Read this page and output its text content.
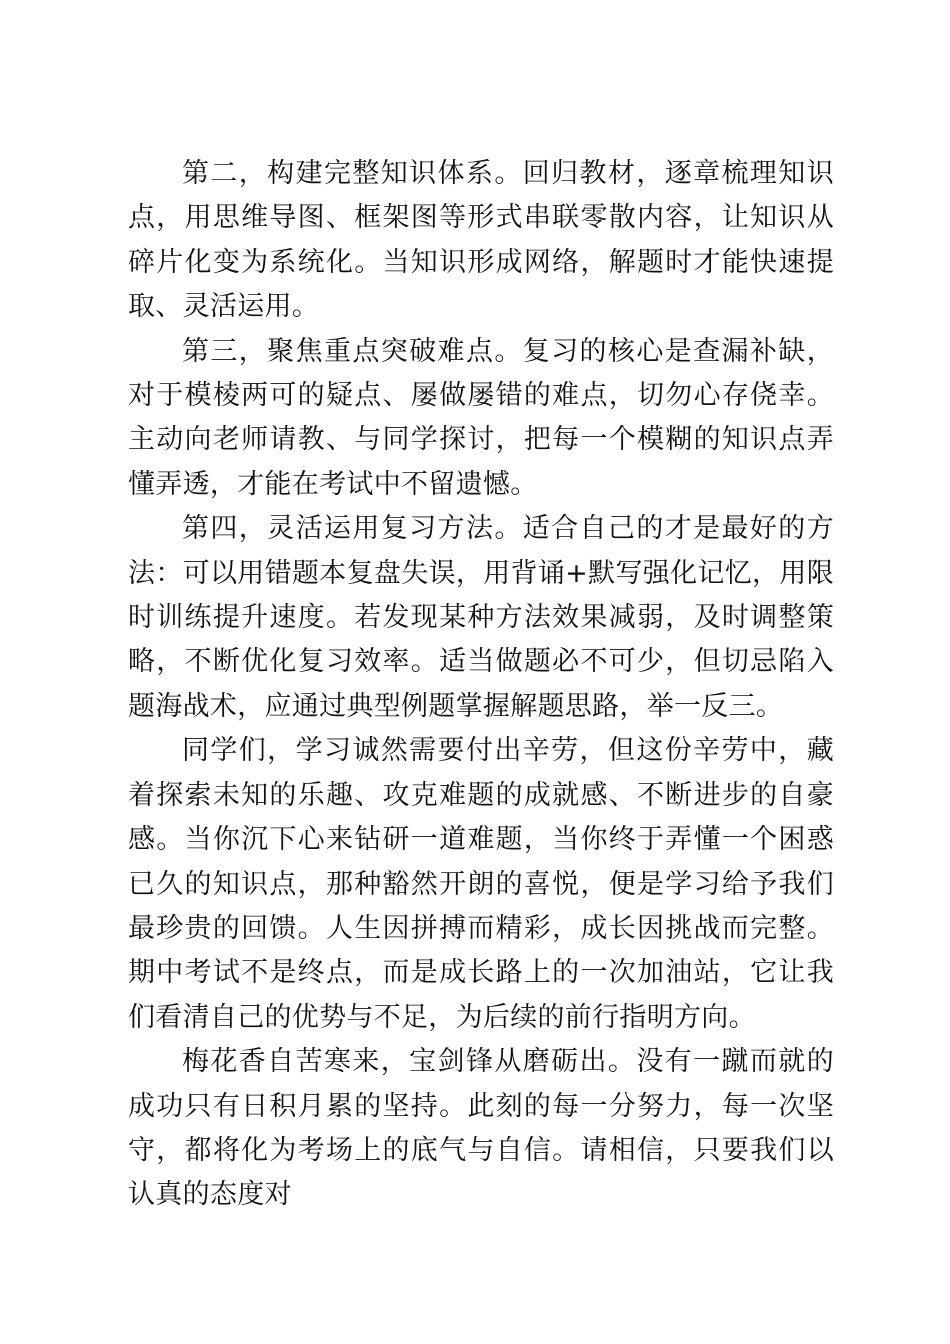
第二，构建完整知识体系。回归教材，逐章梳理知识点，用思维导图、框架图等形式串联零散内容，让知识从碎片化变为系统化。当知识形成网络，解题时才能快速提取、灵活运用。

第三，聚焦重点突破难点。复习的核心是查漏补缺，对于模棱两可的疑点、屡做屡错的难点，切勿心存侥幸。主动向老师请教、与同学探讨，把每一个模糊的知识点弄懂弄透，才能在考试中不留遗憾。

第四，灵活运用复习方法。适合自己的才是最好的方法：可以用错题本复盘失误，用背诵+默写强化记忆，用限时训练提升速度。若发现某种方法效果减弱，及时调整策略，不断优化复习效率。适当做题必不可少，但切忌陷入题海战术，应通过典型例题掌握解题思路，举一反三。

同学们，学习诚然需要付出辛劳，但这份辛劳中，藏着探索未知的乐趣、攻克难题的成就感、不断进步的自豪感。当你沉下心来钻研一道难题，当你终于弄懂一个困惑已久的知识点，那种豁然开朗的喜悦，便是学习给予我们最珍贵的回馈。人生因拼搏而精彩，成长因挑战而完整。期中考试不是终点，而是成长路上的一次加油站，它让我们看清自己的优势与不足，为后续的前行指明方向。

梅花香自苦寒来，宝剑锋从磨砺出。没有一蹴而就的成功只有日积月累的坚持。此刻的每一分努力，每一次坚守，都将化为考场上的底气与自信。请相信，只要我们以认真的态度对
